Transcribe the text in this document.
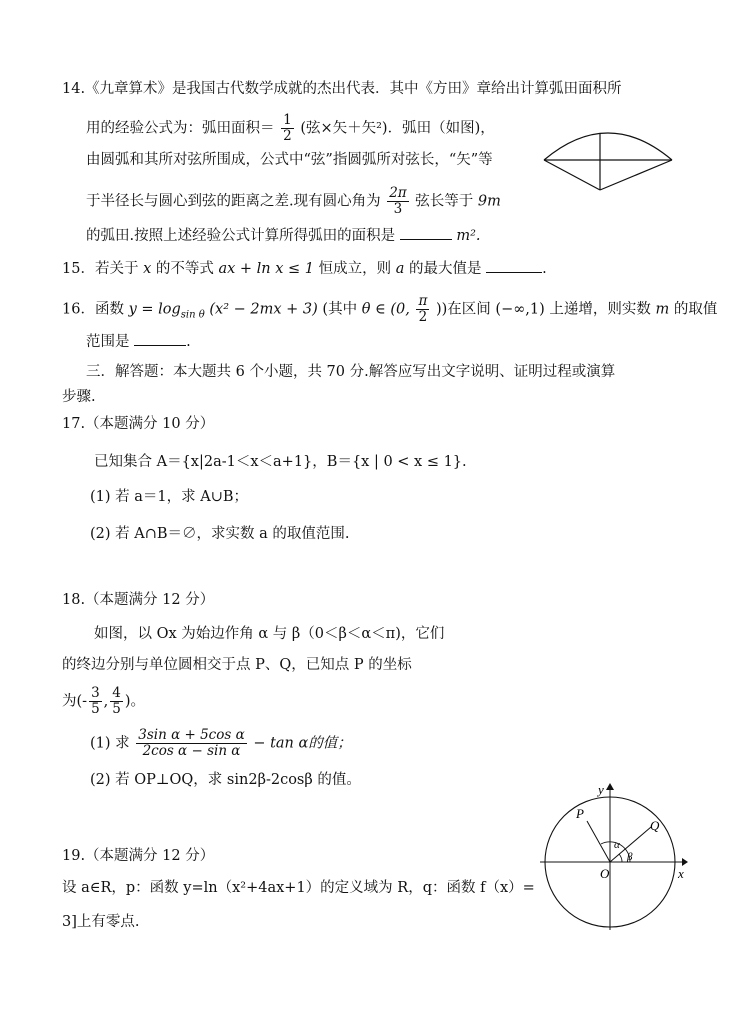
14.《九章算术》是我国古代数学成就的杰出代表．其中《方田》章给出计算弧田面积所
用的经验公式为：弧田面积＝ $\frac{1}{2}$ (弦×矢＋矢²)．弧田（如图)，
由圆弧和其所对弦所围成，公式中“弦”指圆弧所对弦长，“矢”等
于半径长与圆心到弦的距离之差.现有圆心角为 $\frac{2\pi}{3}$ 弦长等于 9m
的弧田.按照上述经验公式计算所得弧田的面积是	m².
15．若关于 x 的不等式 ax + ln x ≤ 1 恒成立，则 a 的最大值是	.
16．函数 $y = \log_{sin \theta} (x^2 - 2mx + 3)$ (其中 θ ∈ (0, $\frac{\pi}{2}$ ))在区间 (−∞,1) 上递增，则实数 m 的取值
范围是	.
三．解答题：本大题共 6 个小题，共 70 分.解答应写出文字说明、证明过程或演算
步骤.
17.（本题满分 10 分）
已知集合 A＝{x|2a-1＜x＜a+1}，B＝{x | 0 < x ≤ 1}.
(1) 若 a＝1，求 A∪B；
(2) 若 A∩B＝∅，求实数 a 的取值范围.
18.（本题满分 12 分）
如图，以 Ox 为始边作角 α 与 β（0＜β＜α＜π)，它们
的终边分别与单位圆相交于点 P、Q，已知点 P 的坐标
为(- $\frac{3}{5}$ , $\frac{4}{5}$ )。
(1) 求 $\frac{\text{3sin α + 5cos α}}{\text{2cos α − sin α}} - \tan \alpha$的值；
(2) 若 OP⊥OQ，求 sin2β-2cosβ 的值。
x
y
O
P
Q
α
β
19.（本题满分 12 分）
设 a∈R，p：函数 y=ln（x²+4ax+1）的定义域为 R，q：函数 f（x）=
3]上有零点.
